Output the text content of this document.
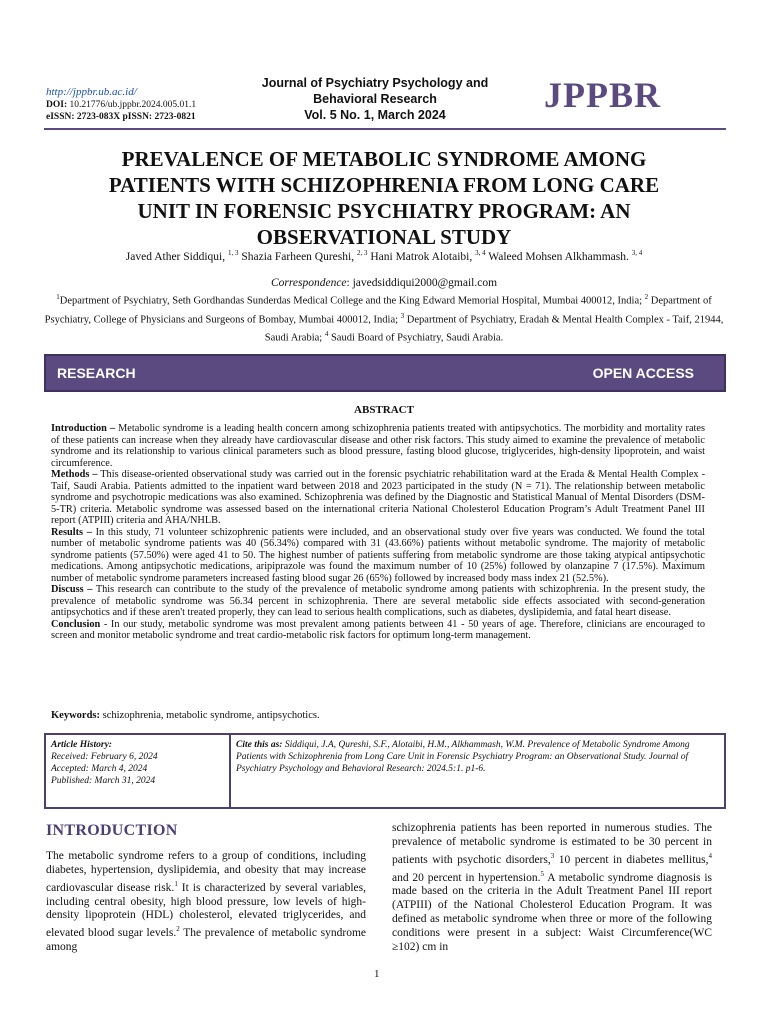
http://jppbr.ub.ac.id/
DOI: 10.21776/ub.jppbr.2024.005.01.1
eISSN: 2723-083X pISSN: 2723-0821
Journal of Psychiatry Psychology and
Behavioral Research
Vol. 5 No. 1, March 2024	JPPBR
PREVALENCE OF METABOLIC SYNDROME AMONG
PATIENTS WITH SCHIZOPHRENIA FROM LONG CARE
UNIT IN FORENSIC PSYCHIATRY PROGRAM: AN
OBSERVATIONAL STUDY
Javed Ather Siddiqui, $^{1, 3}$ Shazia Farheen Qureshi, $^{2, 3}$ Hani Matrok Alotaibi, $^{3, 4}$ Waleed Mohsen Alkhammash. $^{3, 4}$
Correspondence: javedsiddiqui2000@gmail.com
$^1$Department of Psychiatry, Seth Gordhandas Sunderdas Medical College and the King Edward Memorial Hospital, Mumbai 400012, India; $^2$ Department of Psychiatry, College of Physicians and Surgeons of Bombay, Mumbai 400012, India; $^3$ Department of Psychiatry, Eradah & Mental Health Complex - Taif, 21944, Saudi Arabia; $^4$ Saudi Board of Psychiatry, Saudi Arabia.
RESEARCH	OPEN ACCESS
ABSTRACT

Introduction – Metabolic syndrome is a leading health concern among schizophrenia patients treated with antipsychotics. The morbidity and mortality rates of these patients can increase when they already have cardiovascular disease and other risk factors. This study aimed to examine the prevalence of metabolic syndrome and its relationship to various clinical parameters such as blood pressure, fasting blood glucose, triglycerides, high-density lipoprotein, and waist circumference.

Methods – This disease-oriented observational study was carried out in the forensic psychiatric rehabilitation ward at the Erada & Mental Health Complex - Taif, Saudi Arabia. Patients admitted to the inpatient ward between 2018 and 2023 participated in the study (N = 71). The relationship between metabolic syndrome and psychotropic medications was also examined. Schizophrenia was defined by the Diagnostic and Statistical Manual of Mental Disorders (DSM-5-TR) criteria. Metabolic syndrome was assessed based on the international criteria National Cholesterol Education Program’s Adult Treatment Panel III report (ATPIII) criteria and AHA/NHLB.

Results – In this study, 71 volunteer schizophrenic patients were included, and an observational study over five years was conducted. We found the total number of metabolic syndrome patients was 40 (56.34%) compared with 31 (43.66%) patients without metabolic syndrome. The majority of metabolic syndrome patients (57.50%) were aged 41 to 50. The highest number of patients suffering from metabolic syndrome are those taking atypical antipsychotic medications. Among antipsychotic medications, aripiprazole was found the maximum number of 10 (25%) followed by olanzapine 7 (17.5%). Maximum number of metabolic syndrome parameters increased fasting blood sugar 26 (65%) followed by increased body mass index 21 (52.5%).

Discuss – This research can contribute to the study of the prevalence of metabolic syndrome among patients with schizophrenia. In the present study, the prevalence of metabolic syndrome was 56.34 percent in schizophrenia. There are several metabolic side effects associated with second-generation antipsychotics and if these aren't treated properly, they can lead to serious health complications, such as diabetes, dyslipidemia, and fatal heart disease.

Conclusion - In our study, metabolic syndrome was most prevalent among patients between 41 - 50 years of age. Therefore, clinicians are encouraged to screen and monitor metabolic syndrome and treat cardio-metabolic risk factors for optimum long-term management.

Keywords: schizophrenia, metabolic syndrome, antipsychotics.
Article History:
Received: February 6, 2024
Accepted: March 4, 2024
Published: March 31, 2024
Cite this as: Siddiqui, J.A, Qureshi, S.F., Alotaibi, H.M., Alkhammash, W.M. Prevalence of Metabolic Syndrome Among Patients with Schizophrenia from Long Care Unit in Forensic Psychiatry Program: an Observational Study. Journal of Psychiatry Psychology and Behavioral Research: 2024.5:1. p1-6.
INTRODUCTION

The metabolic syndrome refers to a group of conditions, including diabetes, hypertension, dyslipidemia, and obesity that may increase cardiovascular disease risk.$^1$ It is characterized by several variables, including central obesity, high blood pressure, low levels of high-density lipoprotein (HDL) cholesterol, elevated triglycerides, and elevated blood sugar levels.$^2$ The prevalence of metabolic syndrome among

schizophrenia patients has been reported in numerous studies. The prevalence of metabolic syndrome is estimated to be 30 percent in patients with psychotic disorders,$^3$ 10 percent in diabetes mellitus,$^4$ and 20 percent in hypertension.$^5$ A metabolic syndrome diagnosis is made based on the criteria in the Adult Treatment Panel III report (ATPIII) of the National Cholesterol Education Program. It was defined as metabolic syndrome when three or more of the following conditions were present in a subject: Waist Circumference(WC ≥102) cm in

1
